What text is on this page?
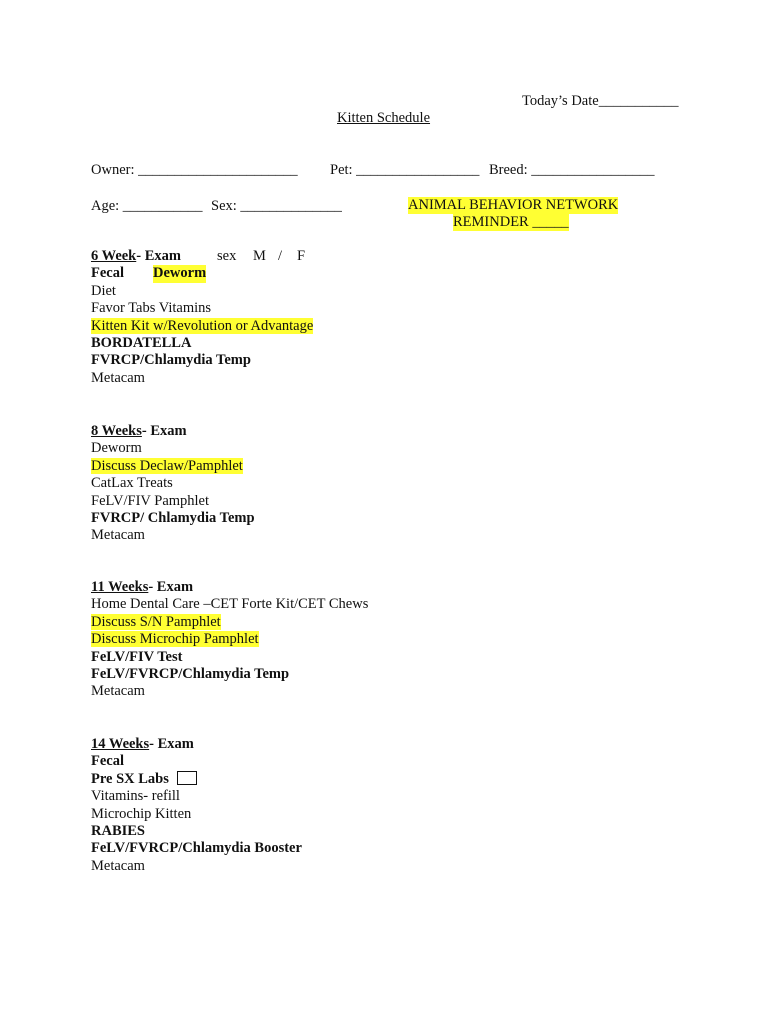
Today’s Date___________
Kitten Schedule
Owner: ______________________ Pet: _________________ Breed: _________________
Age: ___________ Sex: ______________	ANIMAL BEHAVIOR NETWORK
REMINDER _____
6 Week- Exam sex M / F
Fecal Deworm
Diet
Favor Tabs Vitamins
Kitten Kit w/Revolution or Advantage
BORDATELLA
FVRCP/Chlamydia Temp
Metacam
8 Weeks- Exam
Deworm
Discuss Declaw/Pamphlet
CatLax Treats
FeLV/FIV Pamphlet
FVRCP/ Chlamydia Temp
Metacam
11 Weeks- Exam
Home Dental Care –CET Forte Kit/CET Chews
Discuss S/N Pamphlet
Discuss Microchip Pamphlet
FeLV/FIV Test
FeLV/FVRCP/Chlamydia Temp
Metacam
14 Weeks- Exam
Fecal
Pre SX Labs
Vitamins- refill
Microchip Kitten
RABIES
FeLV/FVRCP/Chlamydia Booster
Metacam
